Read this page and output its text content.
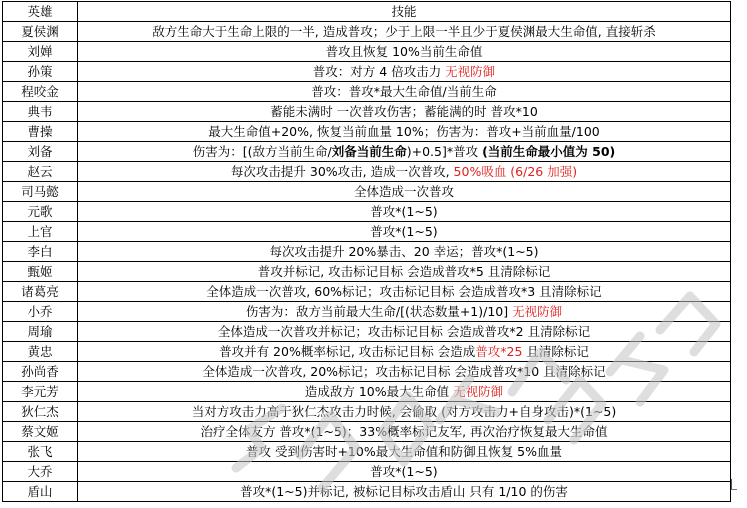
英雄	技能
夏侯渊	敌方生命大于生命上限的一半, 造成普攻；少于上限一半且少于夏侯渊最大生命值, 直接斩杀
刘婵	普攻且恢复 10%当前生命值
孙策	普攻：对方 4 倍攻击力 无视防御
程咬金	普攻：普攻*最大生命值/当前生命
典韦	蓄能未满时 一次普攻伤害；蓄能满的时 普攻*10
曹操	最大生命值+20%, 恢复当前血量 10%；伤害为：普攻+当前血量/100
刘备	伤害为：[(敌方当前生命/刘备当前生命)+0.5]*普攻 (当前生命最小值为 50)
赵云	每次攻击提升 30%攻击, 造成一次普攻, 50%吸血 (6/26 加强)
司马懿	全体造成一次普攻
元歌	普攻*(1~5)
上官	普攻*(1~5)
李白	每次攻击提升 20%暴击、20 幸运；普攻*(1~5)
甄姬	普攻并标记, 攻击标记目标 会造成普攻*5 且清除标记
诸葛亮	全体造成一次普攻, 60%标记；攻击标记目标 会造成普攻*3 且清除标记
小乔	伤害为：敌方当前最大生命/[(状态数量+1)/10] 无视防御
周瑜	全体造成一次普攻并标记；攻击标记目标 会造成普攻*2 且清除标记
黄忠	普攻并有 20%概率标记, 攻击标记目标 会造成普攻*25 且清除标记
孙尚香	全体造成一次普攻, 20%标记；攻击标记目标 会造成普攻*10 且清除标记
李元芳	造成敌方 10%最大生命值 无视防御
狄仁杰	当对方攻击力高于狄仁杰攻击力时候, 会偷取 (对方攻击力+自身攻击)*(1~5)
蔡文姬	治疗全体友方 普攻*(1~5)；33%概率标记友军, 再次治疗恢复最大生命值
张飞	普攻 受到伤害时+10%最大生命值和防御且恢复 5%血量
大乔	普攻*(1~5)
盾山	普攻*(1~5)并标记, 被标记目标攻击盾山 只有 1/10 的伤害
